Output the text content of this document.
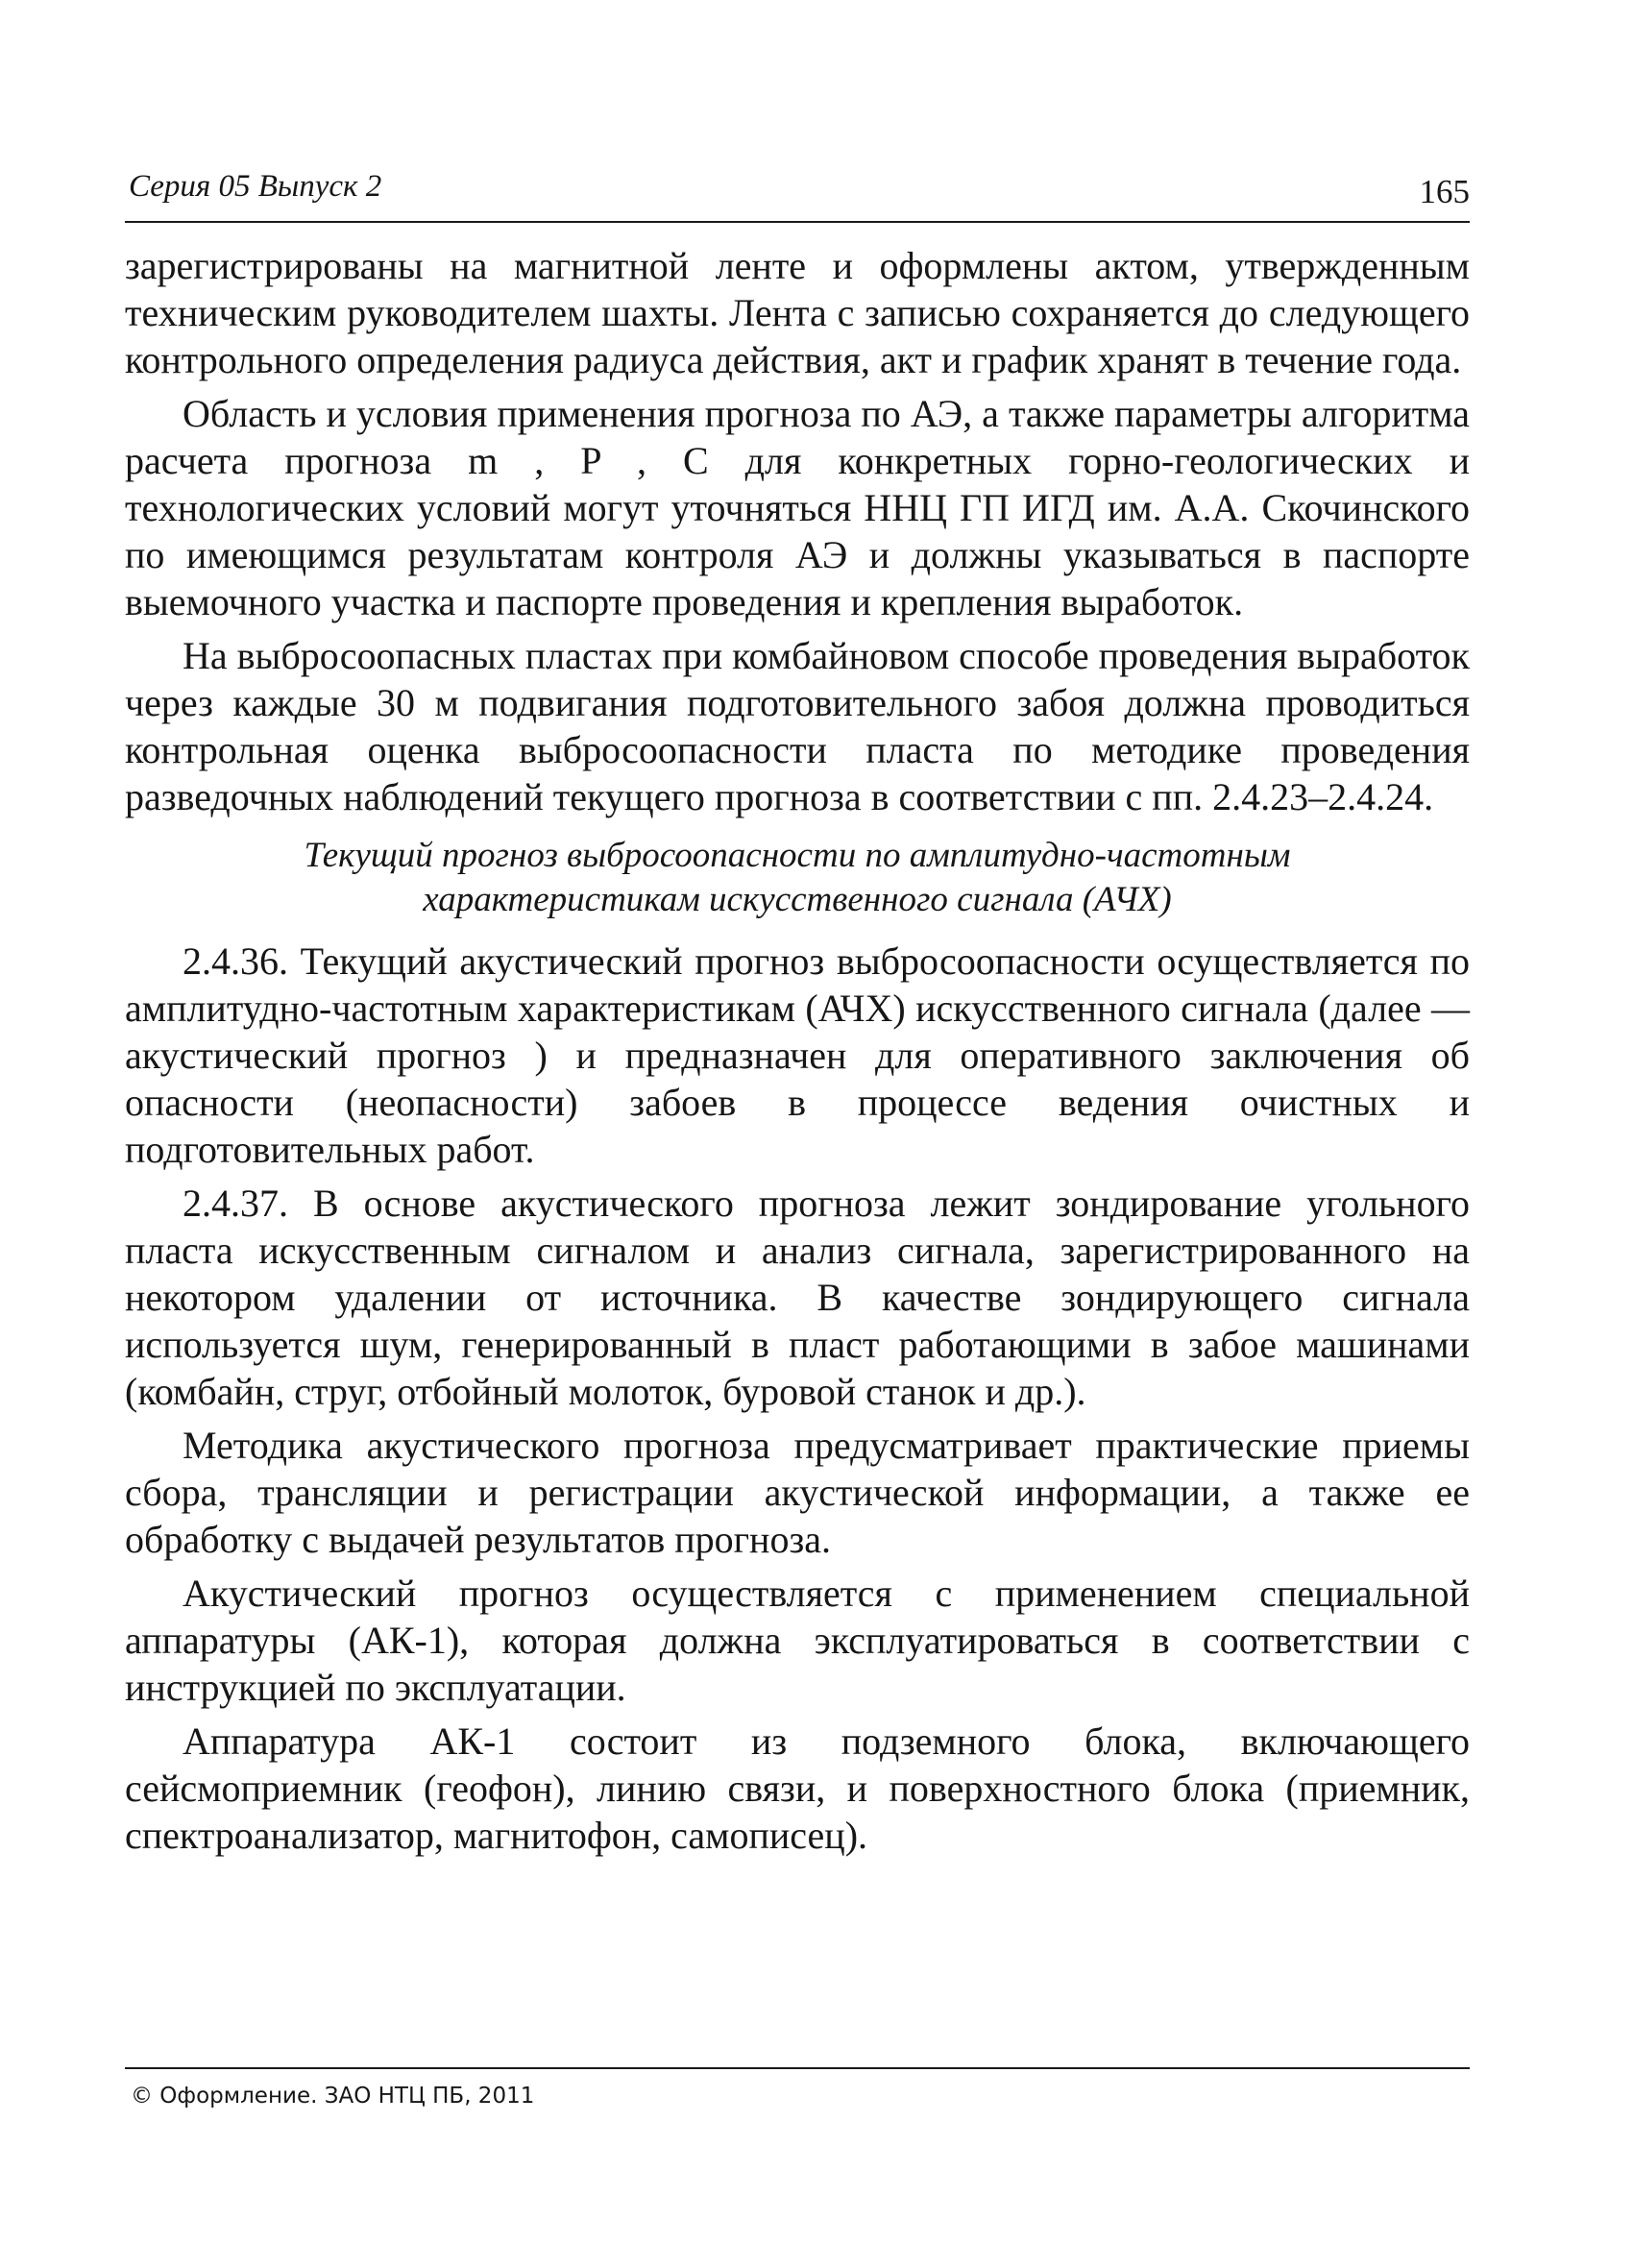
Серия 05 Выпуск 2	165

зарегистрированы на магнитной ленте и оформлены актом, утвержденным техническим руководителем шахты. Лента с записью сохраняется до следующего контрольного определения радиуса действия, акт и график хранят в течение года.

Область и условия применения прогноза по АЭ, а также параметры алгоритма расчета прогноза m , P , C для конкретных горно-геологических и технологических условий могут уточняться ННЦ ГП ИГД им. А.А. Скочинского по имеющимся результатам контроля АЭ и должны указываться в паспорте выемочного участка и паспорте проведения и крепления выработок.

На выбросоопасных пластах при комбайновом способе проведения выработок через каждые 30 м подвигания подготовительного забоя должна проводиться контрольная оценка выбросоопасности пласта по методике проведения разведочных наблюдений текущего прогноза в соответствии с пп. 2.4.23–2.4.24.

Текущий прогноз выбросоопасности по амплитудно-частотным
характеристикам искусственного сигнала (АЧХ)

2.4.36. Текущий акустический прогноз выбросоопасности осуществляется по амплитудно-частотным характеристикам (АЧХ) искусственного сигнала (далее — акустический прогноз ) и предназначен для оперативного заключения об опасности (неопасности) забоев в процессе ведения очистных и подготовительных работ.

2.4.37. В основе акустического прогноза лежит зондирование угольного пласта искусственным сигналом и анализ сигнала, зарегистрированного на некотором удалении от источника. В качестве зондирующего сигнала используется шум, генерированный в пласт работающими в забое машинами (комбайн, струг, отбойный молоток, буровой станок и др.).

Методика акустического прогноза предусматривает практические приемы сбора, трансляции и регистрации акустической информации, а также ее обработку с выдачей результатов прогноза.

Акустический прогноз осуществляется с применением специальной аппаратуры (АК-1), которая должна эксплуатироваться в соответствии с инструкцией по эксплуатации.

Аппаратура АК-1 состоит из подземного блока, включающего сейсмоприемник (геофон), линию связи, и поверхностного блока (приемник, спектроанализатор, магнитофон, самописец).

© Оформление. ЗАО НТЦ ПБ, 2011
